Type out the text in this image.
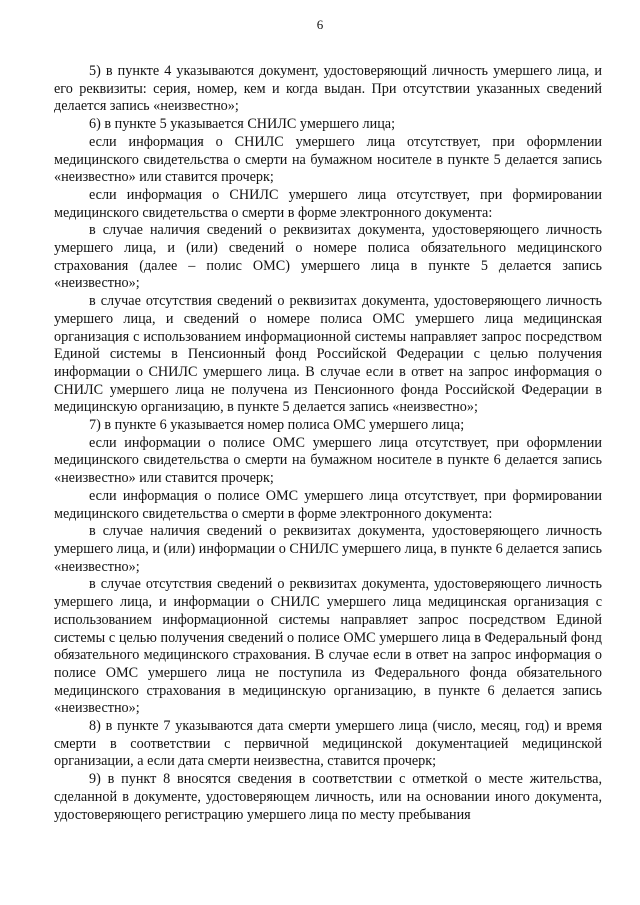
6

5) в пункте 4 указываются документ, удостоверяющий личность умершего лица, и его реквизиты: серия, номер, кем и когда выдан. При отсутствии указанных сведений делается запись «неизвестно»;

6) в пункте 5 указывается СНИЛС умершего лица;

если информация о СНИЛС умершего лица отсутствует, при оформлении медицинского свидетельства о смерти на бумажном носителе в пункте 5 делается запись «неизвестно» или ставится прочерк;

если информация о СНИЛС умершего лица отсутствует, при формировании медицинского свидетельства о смерти в форме электронного документа:

в случае наличия сведений о реквизитах документа, удостоверяющего личность умершего лица, и (или) сведений о номере полиса обязательного медицинского страхования (далее – полис ОМС) умершего лица в пункте 5 делается запись «неизвестно»;

в случае отсутствия сведений о реквизитах документа, удостоверяющего личность умершего лица, и сведений о номере полиса ОМС умершего лица медицинская организация с использованием информационной системы направляет запрос посредством Единой системы в Пенсионный фонд Российской Федерации с целью получения информации о СНИЛС умершего лица. В случае если в ответ на запрос информация о СНИЛС умершего лица не получена из Пенсионного фонда Российской Федерации в медицинскую организацию, в пункте 5 делается запись «неизвестно»;

7) в пункте 6 указывается номер полиса ОМС умершего лица;

если информации о полисе ОМС умершего лица отсутствует, при оформлении медицинского свидетельства о смерти на бумажном носителе в пункте 6 делается запись «неизвестно» или ставится прочерк;

если информация о полисе ОМС умершего лица отсутствует, при формировании медицинского свидетельства о смерти в форме электронного документа:

в случае наличия сведений о реквизитах документа, удостоверяющего личность умершего лица, и (или) информации о СНИЛС умершего лица, в пункте 6 делается запись «неизвестно»;

в случае отсутствия сведений о реквизитах документа, удостоверяющего личность умершего лица, и информации о СНИЛС умершего лица медицинская организация с использованием информационной системы направляет запрос посредством Единой системы с целью получения сведений о полисе ОМС умершего лица в Федеральный фонд обязательного медицинского страхования. В случае если в ответ на запрос информация о полисе ОМС умершего лица не поступила из Федерального фонда обязательного медицинского страхования в медицинскую организацию, в пункте 6 делается запись «неизвестно»;

8) в пункте 7 указываются дата смерти умершего лица (число, месяц, год) и время смерти в соответствии с первичной медицинской документацией медицинской организации, а если дата смерти неизвестна, ставится прочерк;

9) в пункт 8 вносятся сведения в соответствии с отметкой о месте жительства, сделанной в документе, удостоверяющем личность, или на основании иного документа, удостоверяющего регистрацию умершего лица по месту пребывания
